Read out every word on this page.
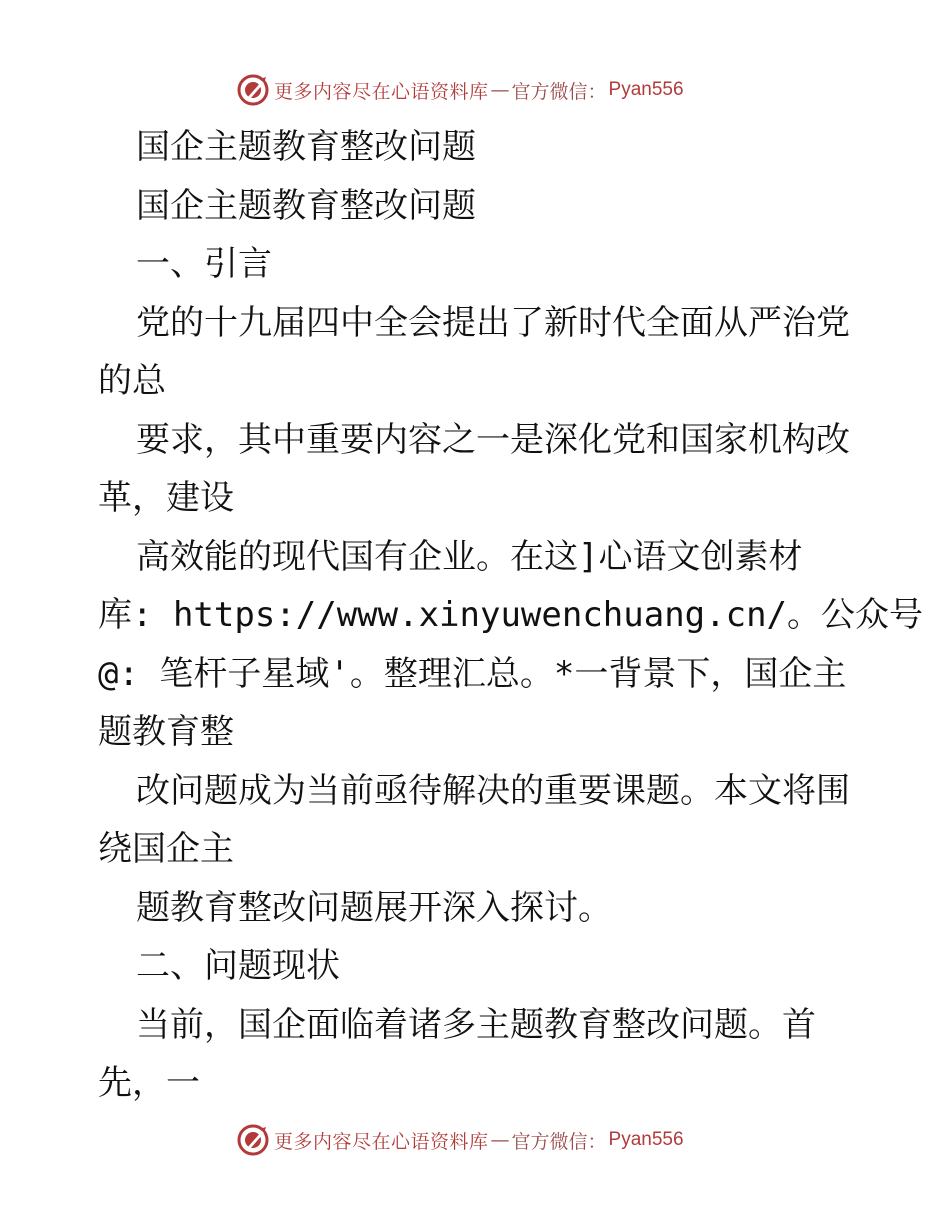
更多内容尽在心语资料库 — 官方微信： Pyan556
国企主题教育整改问题
国企主题教育整改问题
一、引言
党的十九届四中全会提出了新时代全面从严治党
的总
要求，其中重要内容之一是深化党和国家机构改
革，建设
高效能的现代国有企业。在这]心语文创素材
库: https://www.xinyuwenchuang.cn/。公众号
@: 笔杆子星域'。整理汇总。*一背景下，国企主
题教育整
改问题成为当前亟待解决的重要课题。本文将围
绕国企主
题教育整改问题展开深入探讨。
二、问题现状
当前，国企面临着诸多主题教育整改问题。首
先，一
更多内容尽在心语资料库 — 官方微信： Pyan556
